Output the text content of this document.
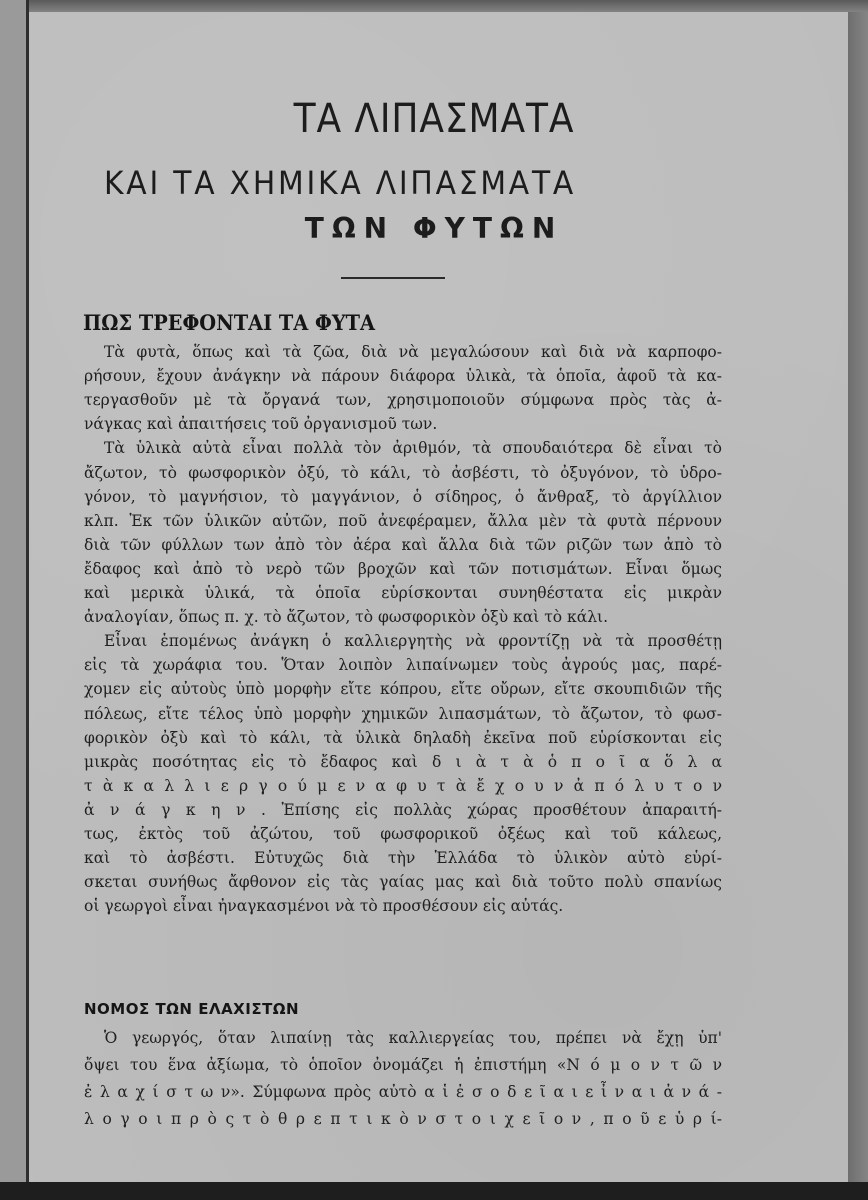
ΤΑ ΛΙΠΑΣΜΑΤΑ
ΚΑΙ ΤΑ ΧΗΜΙΚΑ ΛΙΠΑΣΜΑΤΑ
ΤΩΝ ΦΥΤΩΝ
ΠΩΣ ΤΡΕΦΟΝΤΑΙ ΤΑ ΦΥΤΑ
Τὰ φυτὰ, ὅπως καὶ τὰ ζῶα, διὰ νὰ μεγαλώσουν καὶ διὰ νὰ καρποφο-
ρήσουν, ἔχουν ἀνάγκην νὰ πάρουν διάφορα ὑλικὰ, τὰ ὁποῖα, ἀφοῦ τὰ κα-
τεργασθοῦν μὲ τὰ ὄργανά των, χρησιμοποιοῦν σύμφωνα πρὸς τὰς ἀ-
νάγκας καὶ ἀπαιτήσεις τοῦ ὀργανισμοῦ των.
Τὰ ὑλικὰ αὐτὰ εἶναι πολλὰ τὸν ἀριθμόν, τὰ σπουδαιότερα δὲ εἶναι τὸ
ἄζωτον, τὸ φωσφορικὸν ὀξύ, τὸ κάλι, τὸ ἀσβέστι, τὸ ὀξυγόνον, τὸ ὑδρο-
γόνον, τὸ μαγνήσιον, τὸ μαγγάνιον, ὁ σίδηρος, ὁ ἄνθραξ, τὸ ἀργίλλιον
κλπ. Ἐκ τῶν ὑλικῶν αὐτῶν, ποῦ ἀνεφέραμεν, ἄλλα μὲν τὰ φυτὰ πέρνουν
διὰ τῶν φύλλων των ἀπὸ τὸν ἀέρα καὶ ἄλλα διὰ τῶν ριζῶν των ἀπὸ τὸ
ἔδαφος καὶ ἀπὸ τὸ νερὸ τῶν βροχῶν καὶ τῶν ποτισμάτων. Εἶναι ὅμως
καὶ μερικὰ ὑλικά, τὰ ὁποῖα εὑρίσκονται συνηθέστατα εἰς μικρὰν
ἀναλογίαν, ὅπως π. χ. τὸ ἄζωτον, τὸ φωσφορικὸν ὀξὺ καὶ τὸ κάλι.
Εἶναι ἑπομένως ἀνάγκη ὁ καλλιεργητὴς νὰ φροντίζῃ νὰ τὰ προσθέτῃ
εἰς τὰ χωράφια του. Ὅταν λοιπὸν λιπαίνωμεν τοὺς ἀγρούς μας, παρέ-
χομεν εἰς αὐτοὺς ὑπὸ μορφὴν εἴτε κόπρου, εἴτε οὔρων, εἴτε σκουπιδιῶν τῆς
πόλεως, εἴτε τέλος ὑπὸ μορφὴν χημικῶν λιπασμάτων, τὸ ἄζωτον, τὸ φωσ-
φορικὸν ὀξὺ καὶ τὸ κάλι, τὰ ὑλικὰ δηλαδὴ ἐκεῖνα ποῦ εὑρίσκονται εἰς
μικρὰς ποσότητας εἰς τὸ ἔδαφος καὶ δ ι ὰ τ ὰ ὁ π ο ῖ α ὅ λ α
τ ὰ κ α λ λ ι ε ρ γ ο ύ μ ε ν α φ υ τ ὰ ἔ χ ο υ ν ἀ π ό λ υ τ ο ν
ἀ ν ά γ κ η ν . Ἐπίσης εἰς πολλὰς χώρας προσθέτουν ἀπαραιτή-
τως, ἐκτὸς τοῦ ἀζώτου, τοῦ φωσφορικοῦ ὀξέως καὶ τοῦ κάλεως,
καὶ τὸ ἀσβέστι. Εὐτυχῶς διὰ τὴν Ἑλλάδα τὸ ὑλικὸν αὐτὸ εὑρί-
σκεται συνήθως ἄφθονον εἰς τὰς γαίας μας καὶ διὰ τοῦτο πολὺ σπανίως
οἱ γεωργοὶ εἶναι ἠναγκασμένοι νὰ τὸ προσθέσουν εἰς αὐτάς.
ΝΟΜΟΣ ΤΩΝ ΕΛΑΧΙΣΤΩΝ
Ὁ γεωργός, ὅταν λιπαίνῃ τὰς καλλιεργείας του, πρέπει νὰ ἔχῃ ὑπ'
ὄψει του ἕνα ἀξίωμα, τὸ ὁποῖον ὀνομάζει ἡ ἐπιστήμη «Ν ό μ ο ν τ ῶ ν
ἐ λ α χ ί σ τ ω ν». Σύμφωνα πρὸς αὐτὸ α ἱ ἐ σ ο δ ε ῖ α ι ε ἶ ν α ι ἀ ν ά -
λ ο γ ο ι π ρ ὸ ς τ ὸ θ ρ ε π τ ι κ ὸ ν σ τ ο ι χ ε ῖ ο ν , π ο ῦ ε ὑ ρ ί-
